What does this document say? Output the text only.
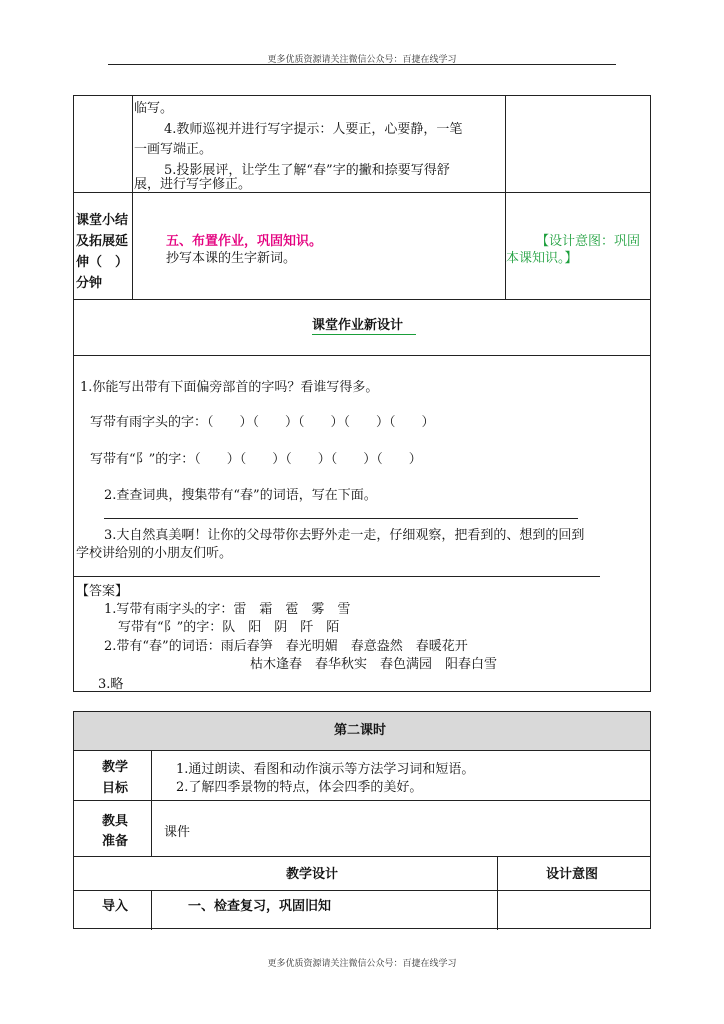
更多优质资源请关注微信公众号：百捷在线学习
临写。
4.教师巡视并进行写字提示：人要正，心要静，一笔
一画写端正。
5.投影展评，让学生了解“春”字的撇和捺要写得舒
展，进行写字修正。
课堂小结
及拓展延
伸（　）
分钟
五、布置作业，巩固知识。
抄写本课的生字新词。
【设计意图：巩固
本课知识。】
课堂作业新设计
1.你能写出带有下面偏旁部首的字吗？看谁写得多。
写带有雨字头的字：（　　）（　　）（　　）（　　）（　　）
写带有“阝”的字：（　　）（　　）（　　）（　　）（　　）
2.查查词典，搜集带有“春”的词语，写在下面。
3.大自然真美啊！让你的父母带你去野外走一走，仔细观察，把看到的、想到的回到
学校讲给别的小朋友们听。
【答案】
1.写带有雨字头的字：雷　霜　雹　雾　雪
写带有“阝”的字：队　阳　阴　阡　陌
2.带有“春”的词语：雨后春笋　春光明媚　春意盎然　春暖花开
枯木逢春　春华秋实　春色满园　阳春白雪
3.略
第二课时
教学
目标
1.通过朗读、看图和动作演示等方法学习词和短语。
2.了解四季景物的特点，体会四季的美好。
教具
准备
课件
教学设计	设计意图
导入	一、检查复习，巩固旧知
更多优质资源请关注微信公众号：百捷在线学习
